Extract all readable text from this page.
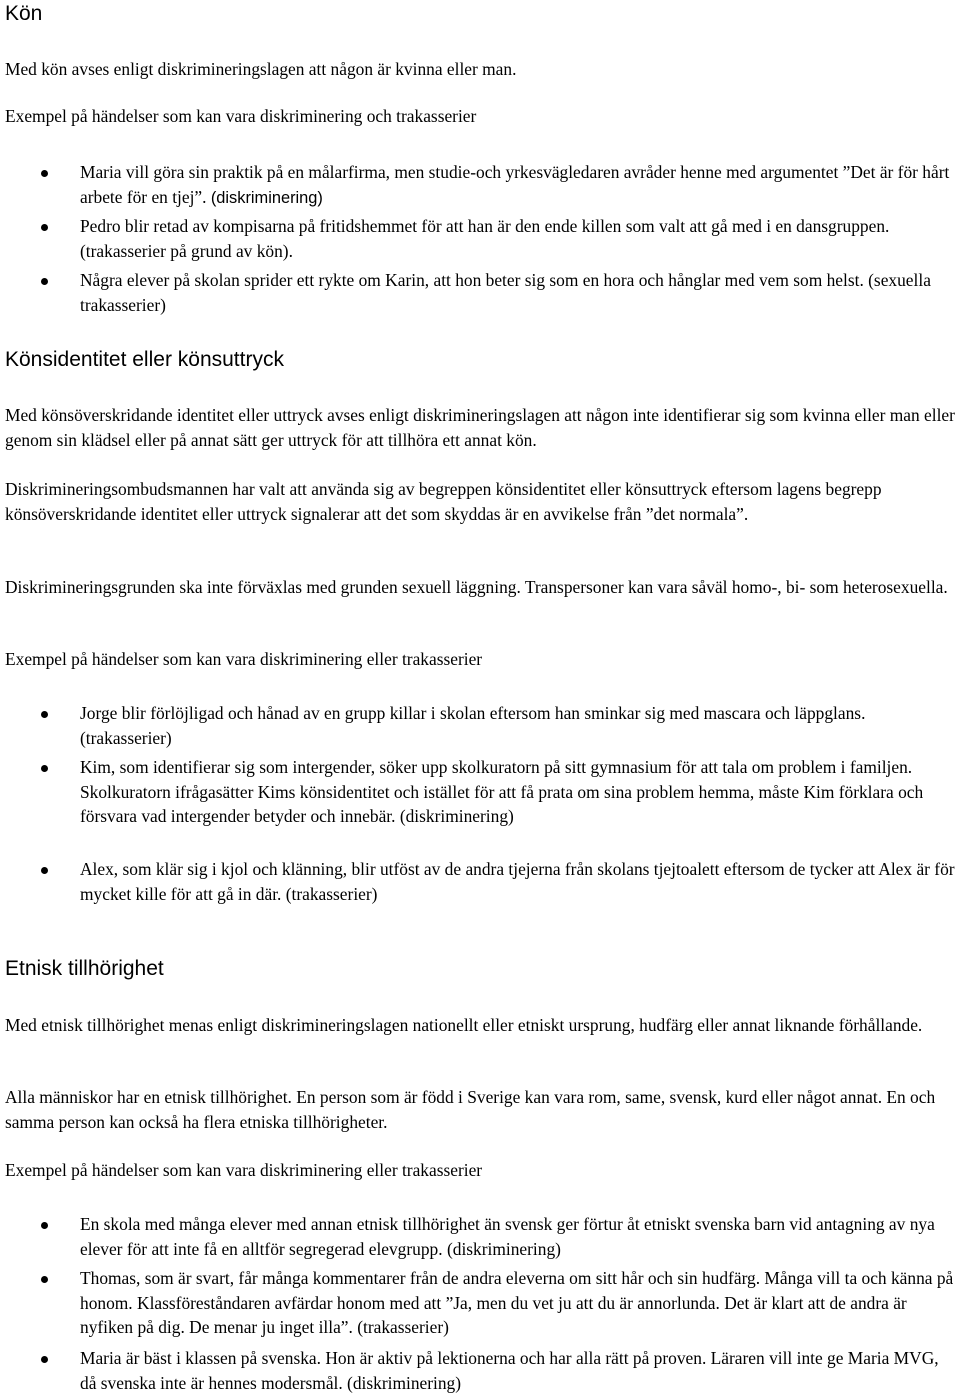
Kön

Med kön avses enligt diskrimineringslagen att någon är kvinna eller man.

Exempel på händelser som kan vara diskriminering och trakasserier

Maria vill göra sin praktik på en målarfirma, men studie-och yrkesvägledaren avråder henne med argumentet ”Det är för hårt arbete för en tjej”. (diskriminering)
Pedro blir retad av kompisarna på fritidshemmet för att han är den ende killen som valt att gå med i en dansgruppen. (trakasserier på grund av kön).
Några elever på skolan sprider ett rykte om Karin, att hon beter sig som en hora och hånglar med vem som helst. (sexuella trakasserier)
Könsidentitet eller könsuttryck

Med könsöverskridande identitet eller uttryck avses enligt diskrimineringslagen att någon inte identifierar sig som kvinna eller man eller genom sin klädsel eller på annat sätt ger uttryck för att tillhöra ett annat kön.

Diskrimineringsombudsmannen har valt att använda sig av begreppen könsidentitet eller könsuttryck eftersom lagens begrepp könsöverskridande identitet eller uttryck signalerar att det som skyddas är en avvikelse från ”det normala”.

Diskrimineringsgrunden ska inte förväxlas med grunden sexuell läggning. Transpersoner kan vara såväl homo-, bi- som heterosexuella.

Exempel på händelser som kan vara diskriminering eller trakasserier

Jorge blir förlöjligad och hånad av en grupp killar i skolan eftersom han sminkar sig med mascara och läppglans. (trakasserier)
Kim, som identifierar sig som intergender, söker upp skolkuratorn på sitt gymnasium för att tala om problem i familjen. Skolkuratorn ifrågasätter Kims könsidentitet och istället för att få prata om sina problem hemma, måste Kim förklara och försvara vad intergender betyder och innebär. (diskriminering)
Alex, som klär sig i kjol och klänning, blir utföst av de andra tjejerna från skolans tjejtoalett eftersom de tycker att Alex är för mycket kille för att gå in där. (trakasserier)
Etnisk tillhörighet

Med etnisk tillhörighet menas enligt diskrimineringslagen nationellt eller etniskt ursprung, hudfärg eller annat liknande förhållande.

Alla människor har en etnisk tillhörighet. En person som är född i Sverige kan vara rom, same, svensk, kurd eller något annat. En och samma person kan också ha flera etniska tillhörigheter.

Exempel på händelser som kan vara diskriminering eller trakasserier

En skola med många elever med annan etnisk tillhörighet än svensk ger förtur åt etniskt svenska barn vid antagning av nya elever för att inte få en alltför segregerad elevgrupp. (diskriminering)
Thomas, som är svart, får många kommentarer från de andra eleverna om sitt hår och sin hudfärg. Många vill ta och känna på honom. Klassföreståndaren avfärdar honom med att ”Ja, men du vet ju att du är annorlunda. Det är klart att de andra är nyfiken på dig. De menar ju inget illa”. (trakasserier)
Maria är bäst i klassen på svenska. Hon är aktiv på lektionerna och har alla rätt på proven. Läraren vill inte ge Maria MVG, då svenska inte är hennes modersmål. (diskriminering)
